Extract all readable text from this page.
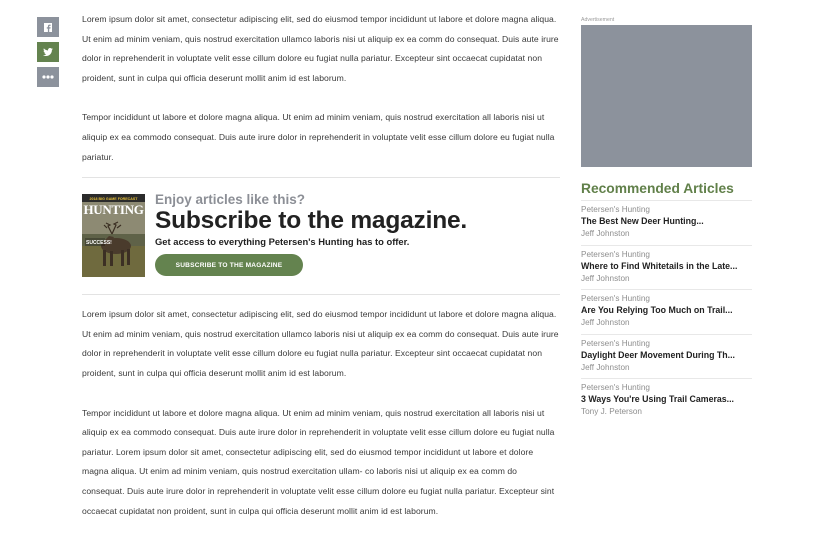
Lorem ipsum dolor sit amet, consectetur adipiscing elit, sed do eiusmod tempor incididunt ut labore et dolore magna aliqua. Ut enim ad minim veniam, quis nostrud exercitation ullamco laboris nisi ut aliquip ex ea comm do consequat. Duis aute irure dolor in reprehenderit in voluptate velit esse cillum dolore eu fugiat nulla pariatur. Excepteur sint occaecat cupidatat non proident, sunt in culpa qui officia deserunt mollit anim id est laborum.

Tempor incididunt ut labore et dolore magna aliqua. Ut enim ad minim veniam, quis nostrud exercitation all laboris nisi ut aliquip ex ea commodo consequat. Duis aute irure dolor in reprehenderit in voluptate velit esse cillum dolore eu fugiat nulla pariatur.

2018 BIG GAME FORECAST
HUNTING
SUCCESS!
Enjoy articles like this?
Subscribe to the magazine.
Get access to everything Petersen's Hunting has to offer.
SUBSCRIBE TO THE MAGAZINE

Lorem ipsum dolor sit amet, consectetur adipiscing elit, sed do eiusmod tempor incididunt ut labore et dolore magna aliqua. Ut enim ad minim veniam, quis nostrud exercitation ullamco laboris nisi ut aliquip ex ea comm do consequat. Duis aute irure dolor in reprehenderit in voluptate velit esse cillum dolore eu fugiat nulla pariatur. Excepteur sint occaecat cupidatat non proident, sunt in culpa qui officia deserunt mollit anim id est laborum.

Tempor incididunt ut labore et dolore magna aliqua. Ut enim ad minim veniam, quis nostrud exercitation all laboris nisi ut aliquip ex ea commodo consequat. Duis aute irure dolor in reprehenderit in voluptate velit esse cillum dolore eu fugiat nulla pariatur. Lorem ipsum dolor sit amet, consectetur adipiscing elit, sed do eiusmod tempor incididunt ut labore et dolore magna aliqua. Ut enim ad minim veniam, quis nostrud exercitation ullam- co laboris nisi ut aliquip ex ea comm do consequat. Duis aute irure dolor in reprehenderit in voluptate velit esse cillum dolore eu fugiat nulla pariatur. Excepteur sint occaecat cupidatat non proident, sunt in culpa qui officia deserunt mollit anim id est laborum.

Advertisement
Recommended Articles
Petersen's Hunting
The Best New Deer Hunting...
Jeff Johnston
Petersen's Hunting
Where to Find Whitetails in the Late...
Jeff Johnston
Petersen's Hunting
Are You Relying Too Much on Trail...
Jeff Johnston
Petersen's Hunting
Daylight Deer Movement During Th...
Jeff Johnston
Petersen's Hunting
3 Ways You're Using Trail Cameras...
Tony J. Peterson
